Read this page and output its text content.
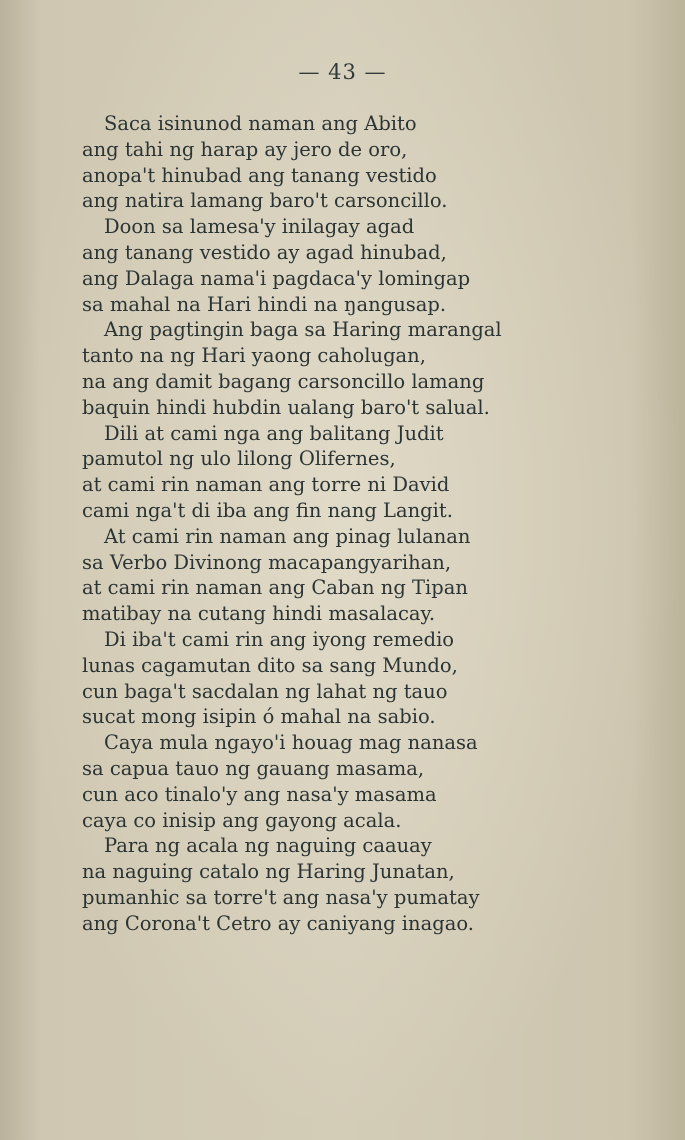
— 43 —
Saca isinunod naman ang Abito
ang tahi ng harap ay jero de oro,
anopa't hinubad ang tanang vestido
ang natira lamang baro't carsoncillo.
Doon sa lamesa'y inilagay agad
ang tanang vestido ay agad hinubad,
ang Dalaga nama'i pagdaca'y lomingap
sa mahal na Hari hindi na ŋangusap.
Ang pagtingin baga sa Haring marangal
tanto na ng Hari yaong caholugan,
na ang damit bagang carsoncillo lamang
baquin hindi hubdin ualang baro't salual.
Dili at cami nga ang balitang Judit
pamutol ng ulo lilong Olifernes,
at cami rin naman ang torre ni David
cami nga't di iba ang fin nang Langit.
At cami rin naman ang pinag lulanan
sa Verbo Divinong macapangyarihan,
at cami rin naman ang Caban ng Tipan
matibay na cutang hindi masalacay.
Di iba't cami rin ang iyong remedio
lunas cagamutan dito sa sang Mundo,
cun baga't sacdalan ng lahat ng tauo
sucat mong isipin ó mahal na sabio.
Caya mula ngayo'i houag mag nanasa
sa capua tauo ng gauang masama,
cun aco tinalo'y ang nasa'y masama
caya co inisip ang gayong acala.
Para ng acala ng naguing caauay
na naguing catalo ng Haring Junatan,
pumanhic sa torre't ang nasa'y pumatay
ang Corona't Cetro ay caniyang inagao.
